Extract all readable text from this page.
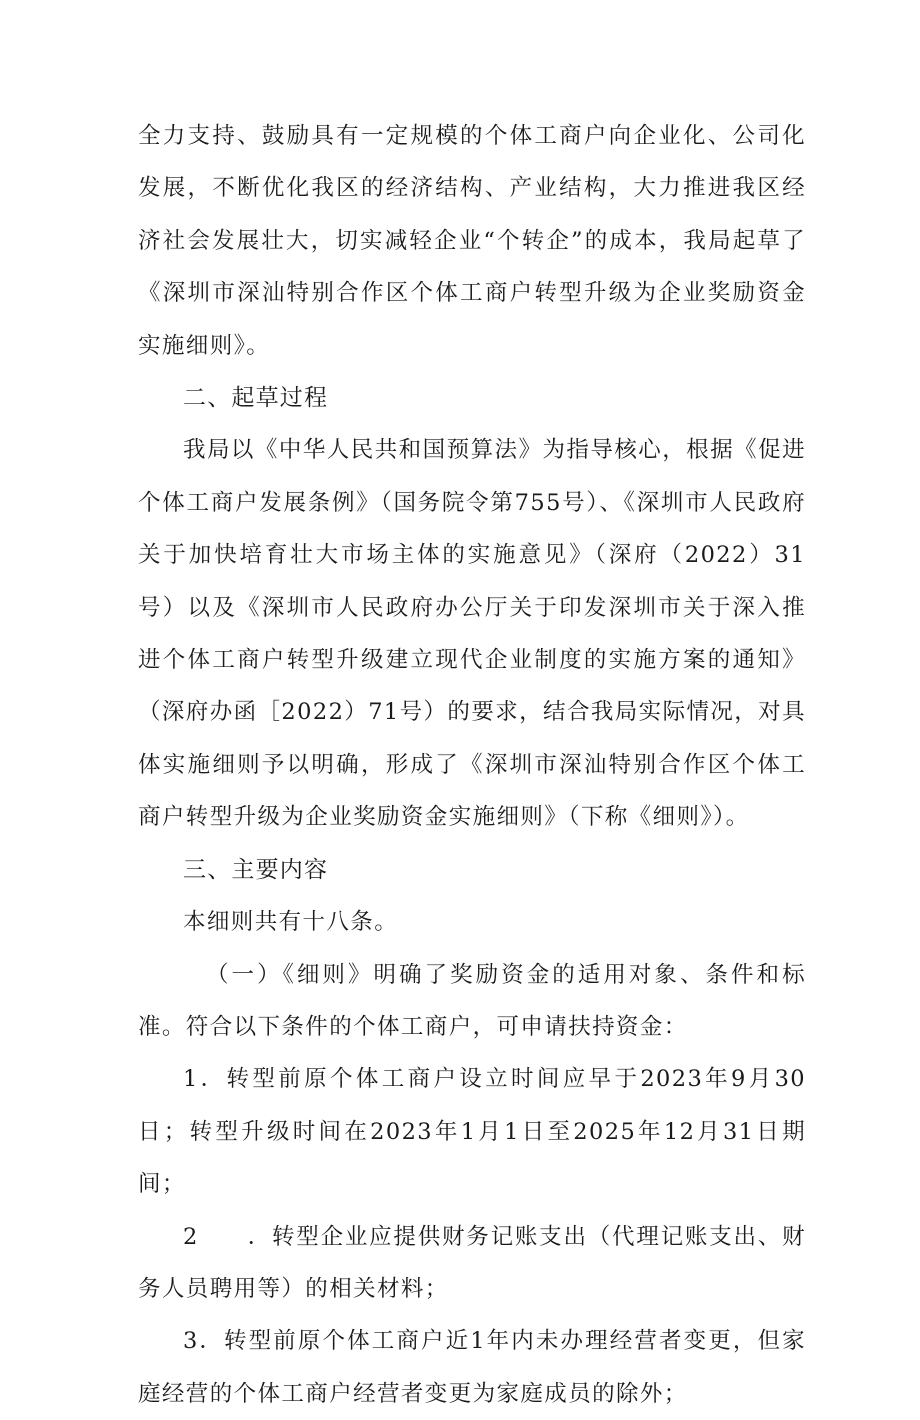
全力支持、鼓励具有一定规模的个体工商户向企业化、公司化发展，不断优化我区的经济结构、产业结构，大力推进我区经济社会发展壮大，切实减轻企业“个转企”的成本，我局起草了《深圳市深汕特别合作区个体工商户转型升级为企业奖励资金实施细则》。

二、起草过程

我局以《中华人民共和国预算法》为指导核心，根据《促进个体工商户发展条例》（国务院令第755号）、《深圳市人民政府关于加快培育壮大市场主体的实施意见》（深府（2022）31号）以及《深圳市人民政府办公厅关于印发深圳市关于深入推进个体工商户转型升级建立现代企业制度的实施方案的通知》（深府办函［2022）71号）的要求，结合我局实际情况，对具体实施细则予以明确，形成了《深圳市深汕特别合作区个体工商户转型升级为企业奖励资金实施细则》（下称《细则》）。

三、主要内容

本细则共有十八条。

（一）《细则》明确了奖励资金的适用对象、条件和标准。符合以下条件的个体工商户，可申请扶持资金：

1．转型前原个体工商户设立时间应早于2023年9月30日；转型升级时间在2023年1月1日至2025年12月31日期间；

2　　．转型企业应提供财务记账支出（代理记账支出、财务人员聘用等）的相关材料；

3．转型前原个体工商户近1年内未办理经营者变更，但家庭经营的个体工商户经营者变更为家庭成员的除外；
